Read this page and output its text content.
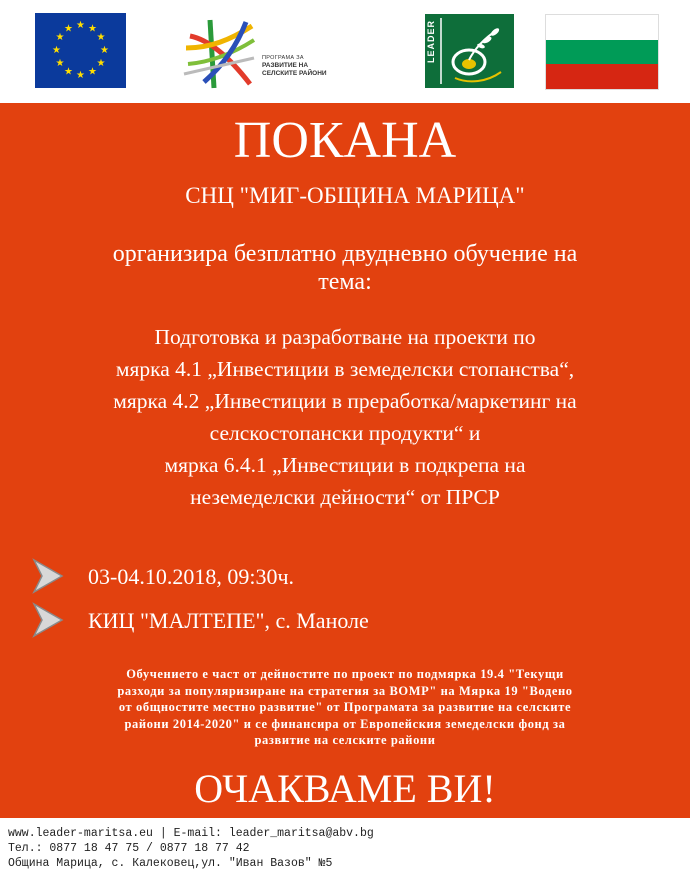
★ ★
★
★
★
★
★
★
★
★
★
★
ПРОГРАМА ЗА
РАЗВИТИЕ НА
СЕЛСКИТЕ РАЙОНИ
LEADER
ПОКАНА
СНЦ "МИГ-ОБЩИНА МАРИЦА"
организира безплатно двудневно обучение на
тема:
Подготовка и разработване на проекти по
мярка 4.1 „Инвестиции в земеделски стопанства“,
мярка 4.2 „Инвестиции в преработка/маркетинг на
селскостопански продукти“ и
мярка 6.4.1 „Инвестиции в подкрепа на
неземеделски дейности“ от ПРСР
03-04.10.2018, 09:30ч.
КИЦ "МАЛТЕПЕ", с. Маноле
Обучението е част от дейностите по проект по подмярка 19.4 "Текущи
разходи за популяризиране на стратегия за ВОМР" на Мярка 19 "Водено
от общностите местно развитие" от Програмата за развитие на селските
райони 2014-2020" и се финансира от Европейския земеделски фонд за
развитие на селските райони
ОЧАКВАМЕ ВИ!
www.leader-maritsa.eu | E-mail: leader_maritsa@abv.bg
Тел.: 0877 18 47 75 / 0877 18 77 42
Община Марица, с. Калековец,ул. "Иван Вазов" №5
